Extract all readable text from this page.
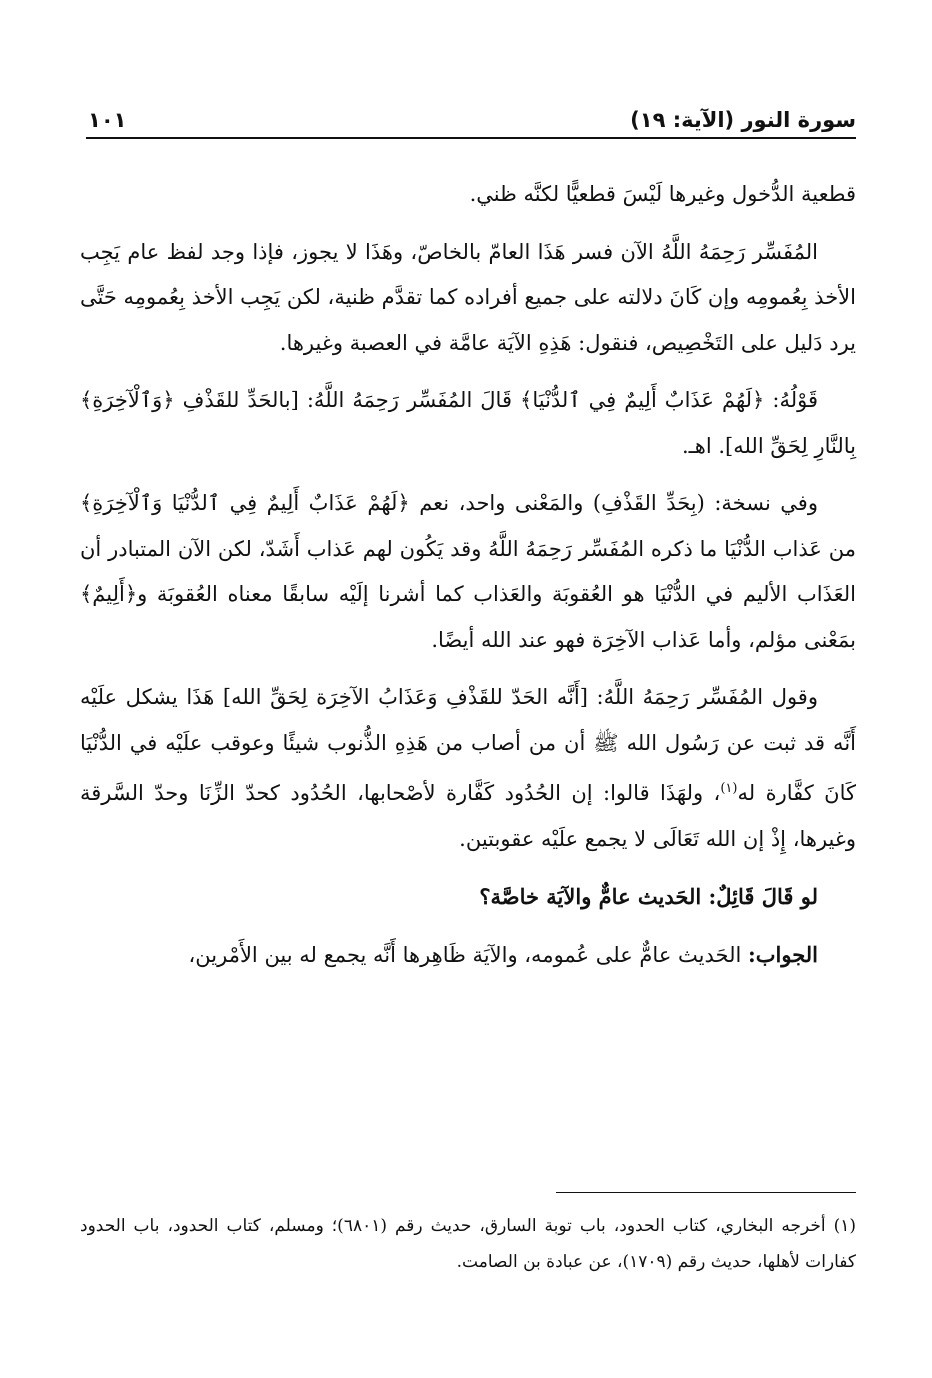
سورة النور (الآية: ١٩)
١٠١

قطعية الدُّخول وغيرها لَيْسَ قطعيًّا لكنَّه ظني.

المُفَسِّر رَحِمَهُ اللَّهُ الآن فسر هَذَا العامّ بالخاصّ، وهَذَا لا يجوز، فإذا وجد لفظ عام يَجِب الأخذ بِعُمومِه وإن كَانَ دلالته على جميع أفراده كما تقدَّم ظنية، لكن يَجِب الأخذ بِعُمومِه حَتَّى يرد دَليل على التَخْصِيص، فنقول: هَذِهِ الآيَة عامَّة في العصبة وغيرها.

قَوْلُهُ: ﴿لَهُمْ عَذَابٌ أَلِيمٌ فِي ٱلدُّنْيَا﴾ قَالَ المُفَسِّر رَحِمَهُ اللَّهُ: [بالحَدِّ للقَذْفِ ﴿وَٱلْآخِرَةِ﴾ بِالنَّارِ لِحَقِّ الله]. اهـ.

وفي نسخة: (بِحَدِّ القَذْفِ) والمَعْنى واحد، نعم ﴿لَهُمْ عَذَابٌ أَلِيمٌ فِي ٱلدُّنْيَا وَٱلْآخِرَةِ﴾ من عَذاب الدُّنْيَا ما ذكره المُفَسِّر رَحِمَهُ اللَّهُ وقد يَكُون لهم عَذاب أَشَدّ، لكن الآن المتبادر أن العَذَاب الأليم في الدُّنْيَا هو العُقوبَة والعَذاب كما أشرنا إلَيْه سابقًا معناه العُقوبَة و﴿أَلِيمٌ﴾ بمَعْنى مؤلم، وأما عَذاب الآخِرَة فهو عند الله أيضًا.

وقول المُفَسِّر رَحِمَهُ اللَّهُ: [أَنَّه الحَدّ للقَذْفِ وَعَذَابُ الآخِرَة لِحَقِّ الله] هَذَا يشكل علَيْه أَنَّه قد ثبت عن رَسُول الله ﷺ أن من أصاب من هَذِهِ الذُّنوب شيئًا وعوقب علَيْه في الدُّنْيَا كَانَ كفَّارة له$^{(١)}$، ولهَذَا قالوا: إن الحُدُود كَفَّارة لأصْحابها، الحُدُود كحدّ الزِّنَا وحدّ السَّرقة وغيرها، إِذْ إن الله تَعَالَى لا يجمع علَيْه عقوبتين.

لو قَالَ قَائِلٌ: الحَديث عامٌّ والآيَة خاصَّة؟

الجواب: الحَديث عامٌّ على عُمومه، والآيَة ظَاهِرها أَنَّه يجمع له بين الأَمْرين،

(١) أخرجه البخاري، كتاب الحدود، باب توبة السارق، حديث رقم (٦٨٠١)؛ ومسلم، كتاب الحدود، باب الحدود كفارات لأهلها، حديث رقم (١٧٠٩)، عن عبادة بن الصامت.
